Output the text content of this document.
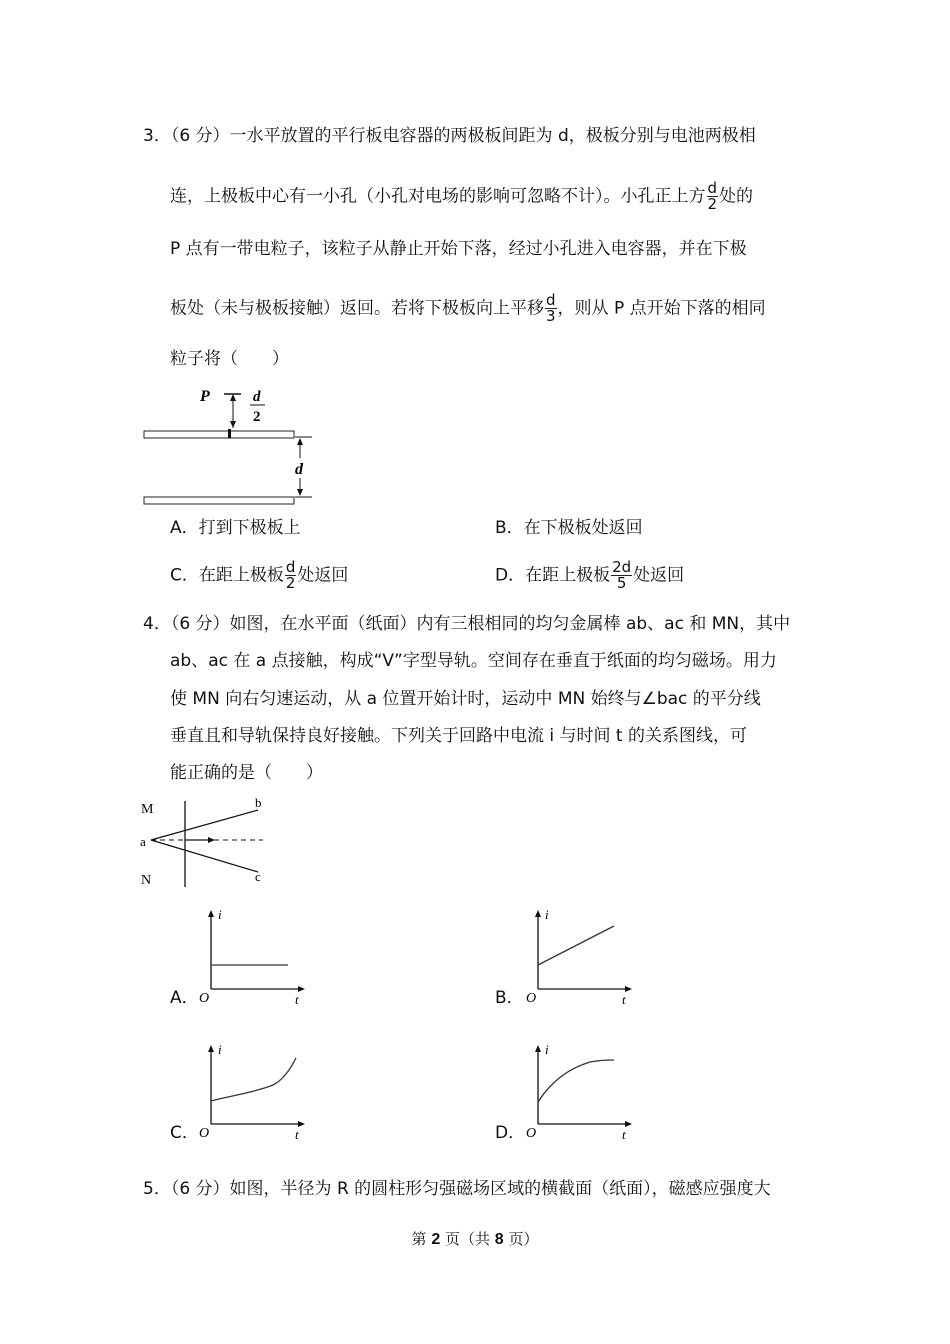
3．（6 分）一水平放置的平行板电容器的两极板间距为 d，极板分别与电池两极相
连，上极板中心有一小孔（小孔对电场的影响可忽略不计）。小孔正上方 $\frac{d}{2}$ 处的
P 点有一带电粒子，该粒子从静止开始下落，经过小孔进入电容器，并在下极
板处（未与极板接触）返回。若将下极板向上平移 $\frac{d}{3}$ ，则从 P 点开始下落的相同
粒子将（　　）
P	d
2
d
A．打到下极板上	B．在下极板处返回
C．在距上极板 $\frac{d}{2}$ 处返回	D．在距上极板 $\frac{2d}{5}$ 处返回
4．（6 分）如图，在水平面（纸面）内有三根相同的均匀金属棒 ab、ac 和 MN，其中
ab、ac 在 a 点接触，构成“V”字型导轨。空间存在垂直于纸面的均匀磁场。用力
使 MN 向右匀速运动，从 a 位置开始计时，运动中 MN 始终与∠bac 的平分线
垂直且和导轨保持良好接触。下列关于回路中电流 i 与时间 t 的关系图线，可
能正确的是（　　）
M
N
a
b
c
A．
i
O	t	B．
i
O	t
C．
i
O	t	D．
i
O	t
5．（6 分）如图，半径为 R 的圆柱形匀强磁场区域的横截面（纸面），磁感应强度大
第 2 页（共 8 页）
